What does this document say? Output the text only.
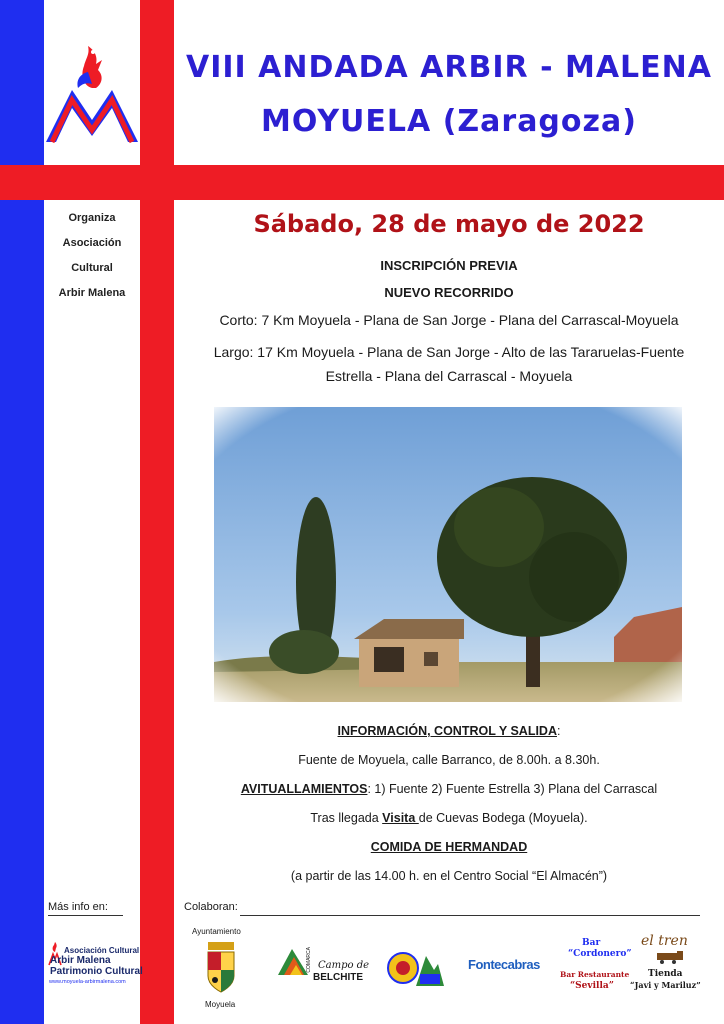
VIII ANDADA ARBIR - MALENA
MOYUELA (Zaragoza)
Organiza
Asociación
Cultural
Arbir Malena
Sábado, 28 de mayo de 2022
INSCRIPCIÓN PREVIA
NUEVO RECORRIDO
Corto: 7 Km Moyuela - Plana de San Jorge - Plana del Carrascal-Moyuela
Largo: 17 Km Moyuela - Plana de San Jorge - Alto de las Tararuelas-Fuente
Estrella - Plana del Carrascal - Moyuela
INFORMACIÓN, CONTROL Y SALIDA:
Fuente de Moyuela, calle Barranco, de 8.00h. a 8.30h.
AVITUALLAMIENTOS: 1) Fuente 2) Fuente Estrella 3) Plana del Carrascal
Tras llegada Visita de Cuevas Bodega (Moyuela).
COMIDA DE HERMANDAD
(a partir de las 14.00 h. en el Centro Social “El Almacén”)
Más info en:	Colaboran:
Asociación Cultural
Arbir Malena
Patrimonio Cultural
www.moyuela-arbirmalena.com
Ayuntamiento
Moyuela
COMARCA Campo de
BELCHITE
Fontecabras
Bar
“Cordonero”
Bar Restaurante
“Sevilla”
el tren
Tienda
“Javi y Mariluz”
